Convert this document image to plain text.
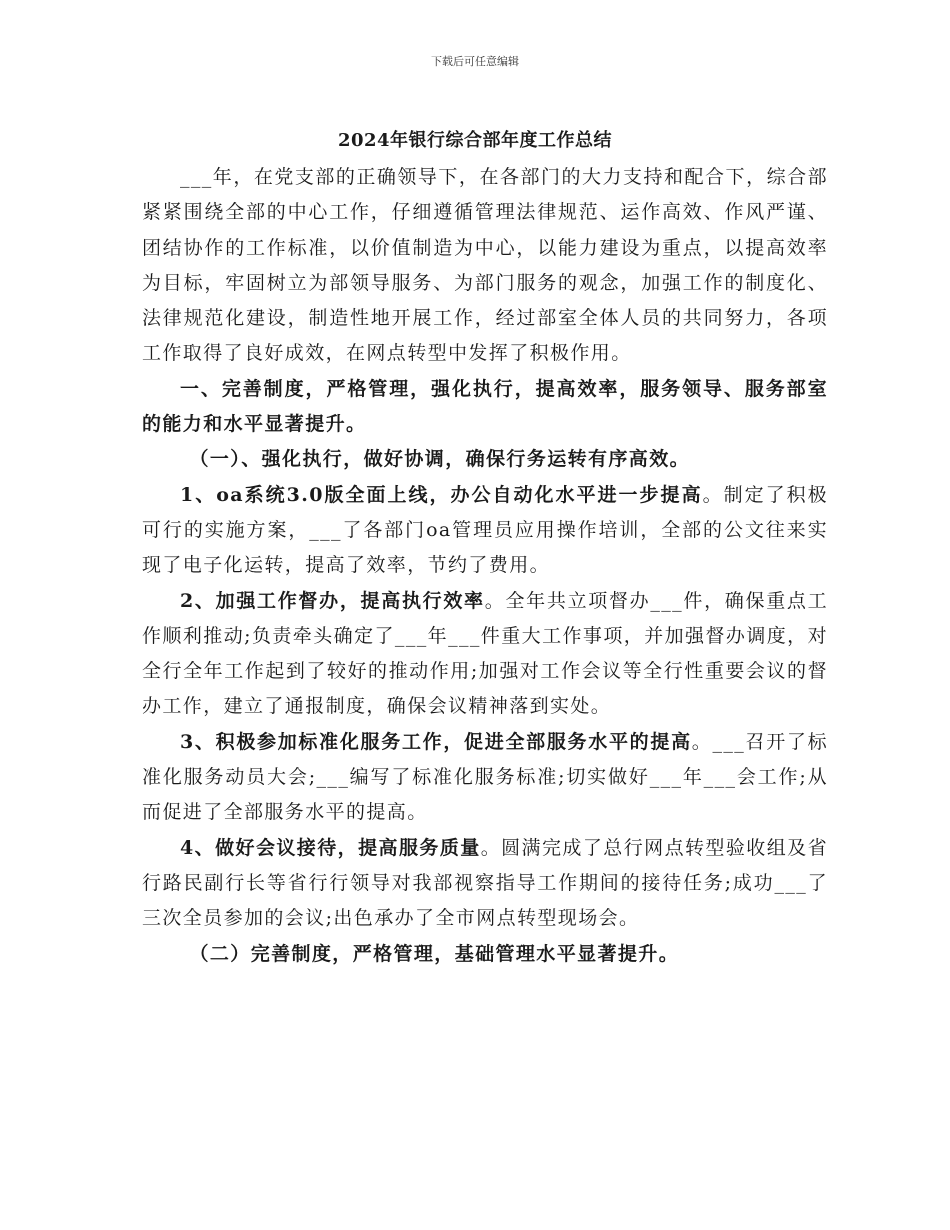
下载后可任意编辑
2024年银行综合部年度工作总结

___年，在党支部的正确领导下，在各部门的大力支持和配合下，综合部紧紧围绕全部的中心工作，仔细遵循管理法律规范、运作高效、作风严谨、团结协作的工作标准，以价值制造为中心，以能力建设为重点，以提高效率为目标，牢固树立为部领导服务、为部门服务的观念，加强工作的制度化、法律规范化建设，制造性地开展工作，经过部室全体人员的共同努力，各项工作取得了良好成效，在网点转型中发挥了积极作用。

一、完善制度，严格管理，强化执行，提高效率，服务领导、服务部室的能力和水平显著提升。

（一）、强化执行，做好协调，确保行务运转有序高效。

1、oa系统3.0版全面上线，办公自动化水平进一步提高。制定了积极可行的实施方案，___了各部门oa管理员应用操作培训，全部的公文往来实现了电子化运转，提高了效率，节约了费用。

2、加强工作督办，提高执行效率。全年共立项督办___件，确保重点工作顺利推动;负责牵头确定了___年___件重大工作事项，并加强督办调度，对全行全年工作起到了较好的推动作用;加强对工作会议等全行性重要会议的督办工作，建立了通报制度，确保会议精神落到实处。

3、积极参加标准化服务工作，促进全部服务水平的提高。___召开了标准化服务动员大会;___编写了标准化服务标准;切实做好___年___会工作;从而促进了全部服务水平的提高。

4、做好会议接待，提高服务质量。圆满完成了总行网点转型验收组及省行路民副行长等省行行领导对我部视察指导工作期间的接待任务;成功___了三次全员参加的会议;出色承办了全市网点转型现场会。

（二）完善制度，严格管理，基础管理水平显著提升。
